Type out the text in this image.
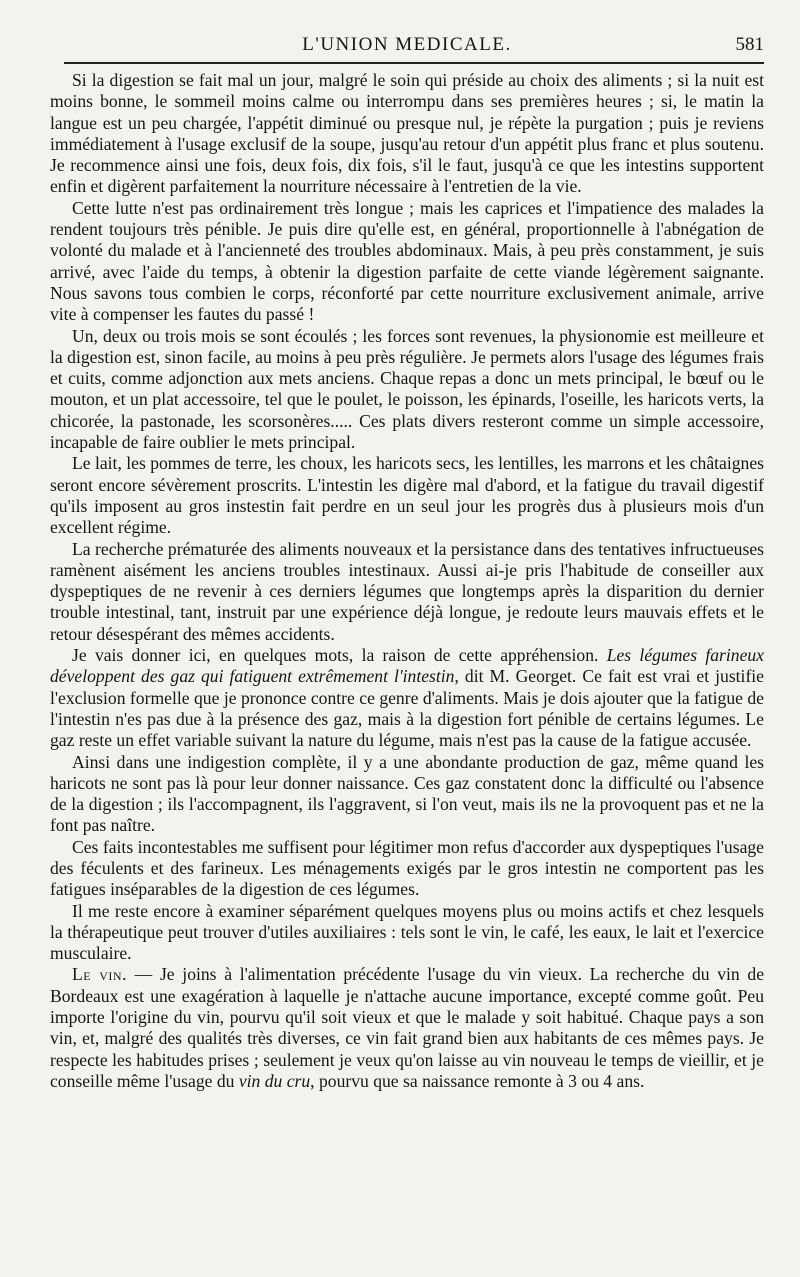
L'UNION MEDICALE.	581

Si la digestion se fait mal un jour, malgré le soin qui préside au choix des aliments ; si la nuit est moins bonne, le sommeil moins calme ou interrompu dans ses premières heures ; si, le matin la langue est un peu chargée, l'appétit diminué ou presque nul, je répète la purgation ; puis je reviens immédiatement à l'usage exclusif de la soupe, jusqu'au retour d'un appétit plus franc et plus soutenu. Je recommence ainsi une fois, deux fois, dix fois, s'il le faut, jusqu'à ce que les intestins supportent enfin et digèrent parfaitement la nourriture nécessaire à l'entretien de la vie.

Cette lutte n'est pas ordinairement très longue ; mais les caprices et l'impatience des malades la rendent toujours très pénible. Je puis dire qu'elle est, en général, proportionnelle à l'abnégation de volonté du malade et à l'ancienneté des troubles abdominaux. Mais, à peu près constamment, je suis arrivé, avec l'aide du temps, à obtenir la digestion parfaite de cette viande légèrement saignante. Nous savons tous combien le corps, réconforté par cette nourriture exclusivement animale, arrive vite à compenser les fautes du passé !

Un, deux ou trois mois se sont écoulés ; les forces sont revenues, la physionomie est meilleure et la digestion est, sinon facile, au moins à peu près régulière. Je permets alors l'usage des légumes frais et cuits, comme adjonction aux mets anciens. Chaque repas a donc un mets principal, le bœuf ou le mouton, et un plat accessoire, tel que le poulet, le poisson, les épinards, l'oseille, les haricots verts, la chicorée, la pastonade, les scorsonères..... Ces plats divers resteront comme un simple accessoire, incapable de faire oublier le mets principal.

Le lait, les pommes de terre, les choux, les haricots secs, les lentilles, les marrons et les châtaignes seront encore sévèrement proscrits. L'intestin les digère mal d'abord, et la fatigue du travail digestif qu'ils imposent au gros instestin fait perdre en un seul jour les progrès dus à plusieurs mois d'un excellent régime.

La recherche prématurée des aliments nouveaux et la persistance dans des tentatives infructueuses ramènent aisément les anciens troubles intestinaux. Aussi ai-je pris l'habitude de conseiller aux dyspeptiques de ne revenir à ces derniers légumes que longtemps après la disparition du dernier trouble intestinal, tant, instruit par une expérience déjà longue, je redoute leurs mauvais effets et le retour désespérant des mêmes accidents.

Je vais donner ici, en quelques mots, la raison de cette appréhension. Les légumes farineux développent des gaz qui fatiguent extrêmement l'intestin, dit M. Georget. Ce fait est vrai et justifie l'exclusion formelle que je prononce contre ce genre d'aliments. Mais je dois ajouter que la fatigue de l'intestin n'es pas due à la présence des gaz, mais à la digestion fort pénible de certains légumes. Le gaz reste un effet variable suivant la nature du légume, mais n'est pas la cause de la fatigue accusée.

Ainsi dans une indigestion complète, il y a une abondante production de gaz, même quand les haricots ne sont pas là pour leur donner naissance. Ces gaz constatent donc la difficulté ou l'absence de la digestion ; ils l'accompagnent, ils l'aggravent, si l'on veut, mais ils ne la provoquent pas et ne la font pas naître.

Ces faits incontestables me suffisent pour légitimer mon refus d'accorder aux dyspeptiques l'usage des féculents et des farineux. Les ménagements exigés par le gros intestin ne comportent pas les fatigues inséparables de la digestion de ces légumes.

Il me reste encore à examiner séparément quelques moyens plus ou moins actifs et chez lesquels la thérapeutique peut trouver d'utiles auxiliaires : tels sont le vin, le café, les eaux, le lait et l'exercice musculaire.

Le vin. — Je joins à l'alimentation précédente l'usage du vin vieux. La recherche du vin de Bordeaux est une exagération à laquelle je n'attache aucune importance, excepté comme goût. Peu importe l'origine du vin, pourvu qu'il soit vieux et que le malade y soit habitué. Chaque pays a son vin, et, malgré des qualités très diverses, ce vin fait grand bien aux habitants de ces mêmes pays. Je respecte les habitudes prises ; seulement je veux qu'on laisse au vin nouveau le temps de vieillir, et je conseille même l'usage du vin du cru, pourvu que sa naissance remonte à 3 ou 4 ans.
